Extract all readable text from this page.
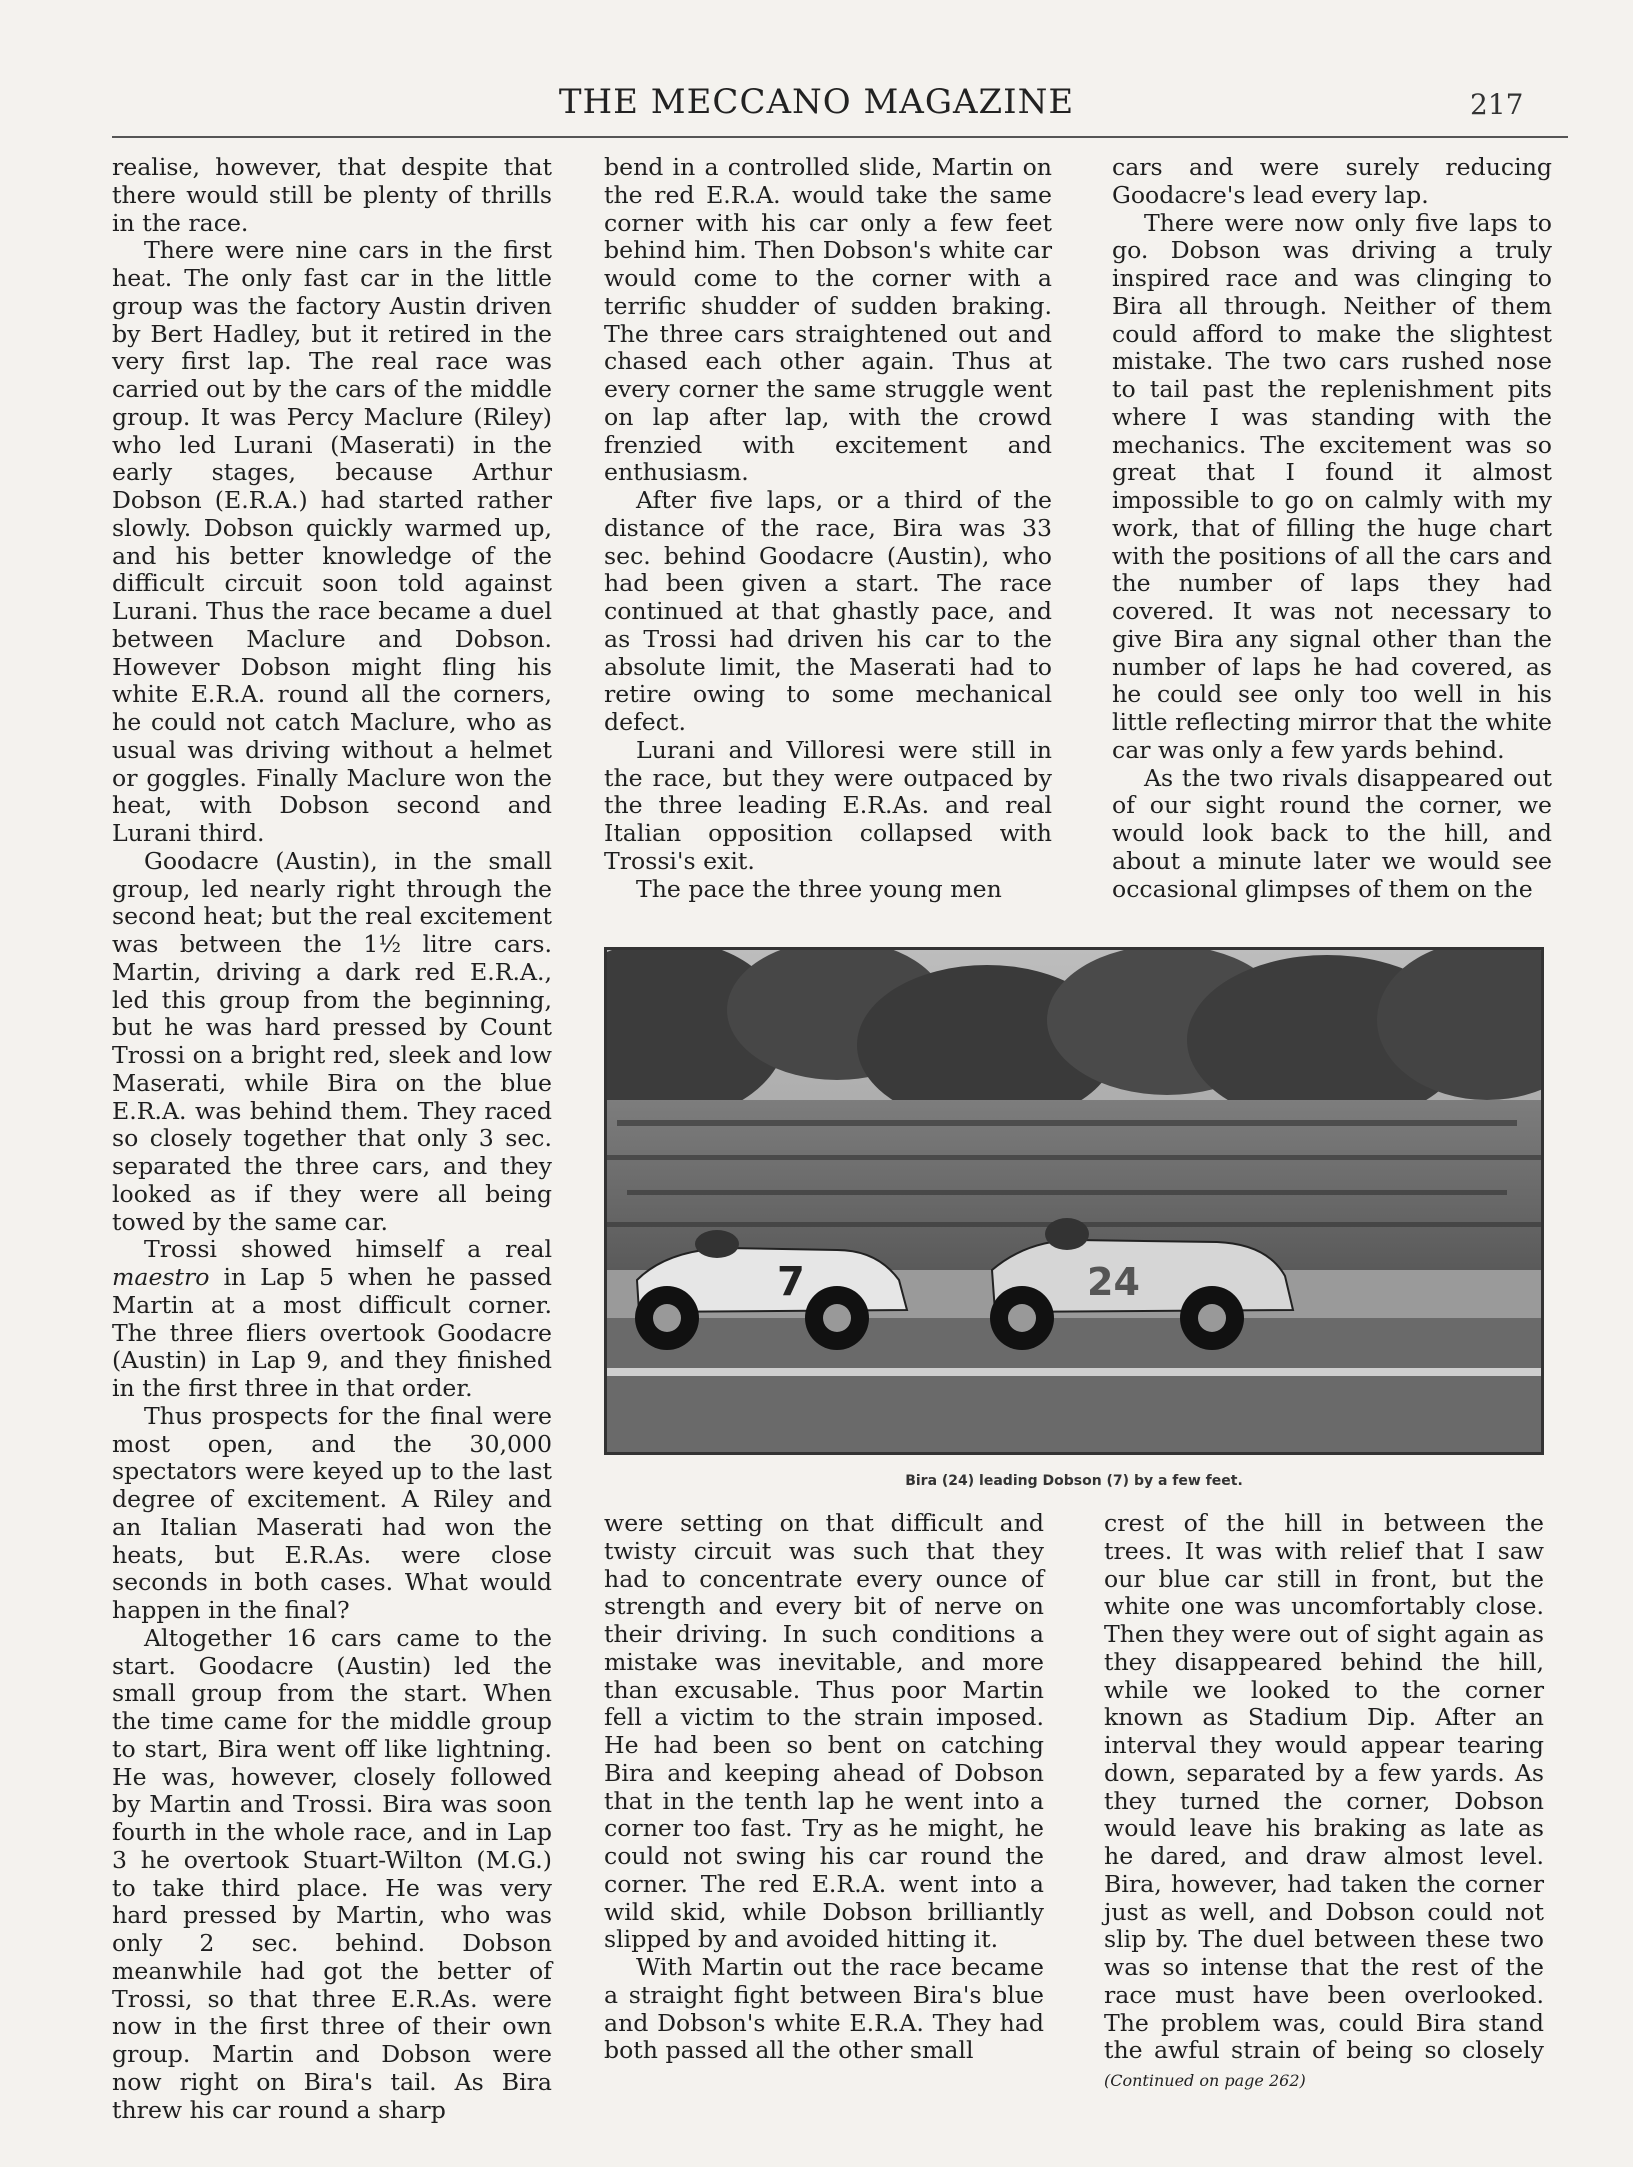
THE MECCANO MAGAZINE	217

realise, however, that despite that there would still be plenty of thrills in the race.

There were nine cars in the first heat. The only fast car in the little group was the factory Austin driven by Bert Hadley, but it retired in the very first lap. The real race was carried out by the cars of the middle group. It was Percy Maclure (Riley) who led Lurani (Maserati) in the early stages, because Arthur Dobson (E.R.A.) had started rather slowly. Dobson quickly warmed up, and his better knowledge of the difficult circuit soon told against Lurani. Thus the race became a duel between Maclure and Dobson. However Dobson might fling his white E.R.A. round all the corners, he could not catch Maclure, who as usual was driving without a helmet or goggles. Finally Maclure won the heat, with Dobson second and Lurani third.

Goodacre (Austin), in the small group, led nearly right through the second heat; but the real excitement was between the 1½ litre cars. Martin, driving a dark red E.R.A., led this group from the beginning, but he was hard pressed by Count Trossi on a bright red, sleek and low Maserati, while Bira on the blue E.R.A. was behind them. They raced so closely together that only 3 sec. separated the three cars, and they looked as if they were all being towed by the same car.

Trossi showed himself a real maestro in Lap 5 when he passed Martin at a most difficult corner. The three fliers overtook Goodacre (Austin) in Lap 9, and they finished in the first three in that order.

Thus prospects for the final were most open, and the 30,000 spectators were keyed up to the last degree of excitement. A Riley and an Italian Maserati had won the heats, but E.R.As. were close seconds in both cases. What would happen in the final?

Altogether 16 cars came to the start. Goodacre (Austin) led the small group from the start. When the time came for the middle group to start, Bira went off like lightning. He was, however, closely followed by Martin and Trossi. Bira was soon fourth in the whole race, and in Lap 3 he overtook Stuart-Wilton (M.G.) to take third place. He was very hard pressed by Martin, who was only 2 sec. behind. Dobson meanwhile had got the better of Trossi, so that three E.R.As. were now in the first three of their own group. Martin and Dobson were now right on Bira's tail. As Bira threw his car round a sharp

bend in a controlled slide, Martin on the red E.R.A. would take the same corner with his car only a few feet behind him. Then Dobson's white car would come to the corner with a terrific shudder of sudden braking. The three cars straightened out and chased each other again. Thus at every corner the same struggle went on lap after lap, with the crowd frenzied with excitement and enthusiasm.

After five laps, or a third of the distance of the race, Bira was 33 sec. behind Goodacre (Austin), who had been given a start. The race continued at that ghastly pace, and as Trossi had driven his car to the absolute limit, the Maserati had to retire owing to some mechanical defect.

Lurani and Villoresi were still in the race, but they were outpaced by the three leading E.R.As. and real Italian opposition collapsed with Trossi's exit.

The pace the three young men

cars and were surely reducing Goodacre's lead every lap.

There were now only five laps to go. Dobson was driving a truly inspired race and was clinging to Bira all through. Neither of them could afford to make the slightest mistake. The two cars rushed nose to tail past the replenishment pits where I was standing with the mechanics. The excitement was so great that I found it almost impossible to go on calmly with my work, that of filling the huge chart with the positions of all the cars and the number of laps they had covered. It was not necessary to give Bira any signal other than the number of laps he had covered, as he could see only too well in his little reflecting mirror that the white car was only a few yards behind.

As the two rivals disappeared out of our sight round the corner, we would look back to the hill, and about a minute later we would see occasional glimpses of them on the

7	24
Bira (24) leading Dobson (7) by a few feet.

were setting on that difficult and twisty circuit was such that they had to concentrate every ounce of strength and every bit of nerve on their driving. In such conditions a mistake was inevitable, and more than excusable. Thus poor Martin fell a victim to the strain imposed. He had been so bent on catching Bira and keeping ahead of Dobson that in the tenth lap he went into a corner too fast. Try as he might, he could not swing his car round the corner. The red E.R.A. went into a wild skid, while Dobson brilliantly slipped by and avoided hitting it.

With Martin out the race became a straight fight between Bira's blue and Dobson's white E.R.A. They had both passed all the other small

crest of the hill in between the trees. It was with relief that I saw our blue car still in front, but the white one was uncomfortably close. Then they were out of sight again as they disappeared behind the hill, while we looked to the corner known as Stadium Dip. After an interval they would appear tearing down, separated by a few yards. As they turned the corner, Dobson would leave his braking as late as he dared, and draw almost level. Bira, however, had taken the corner just as well, and Dobson could not slip by. The duel between these two was so intense that the rest of the race must have been overlooked. The problem was, could Bira stand the awful strain of being so closely (Continued on page 262)
